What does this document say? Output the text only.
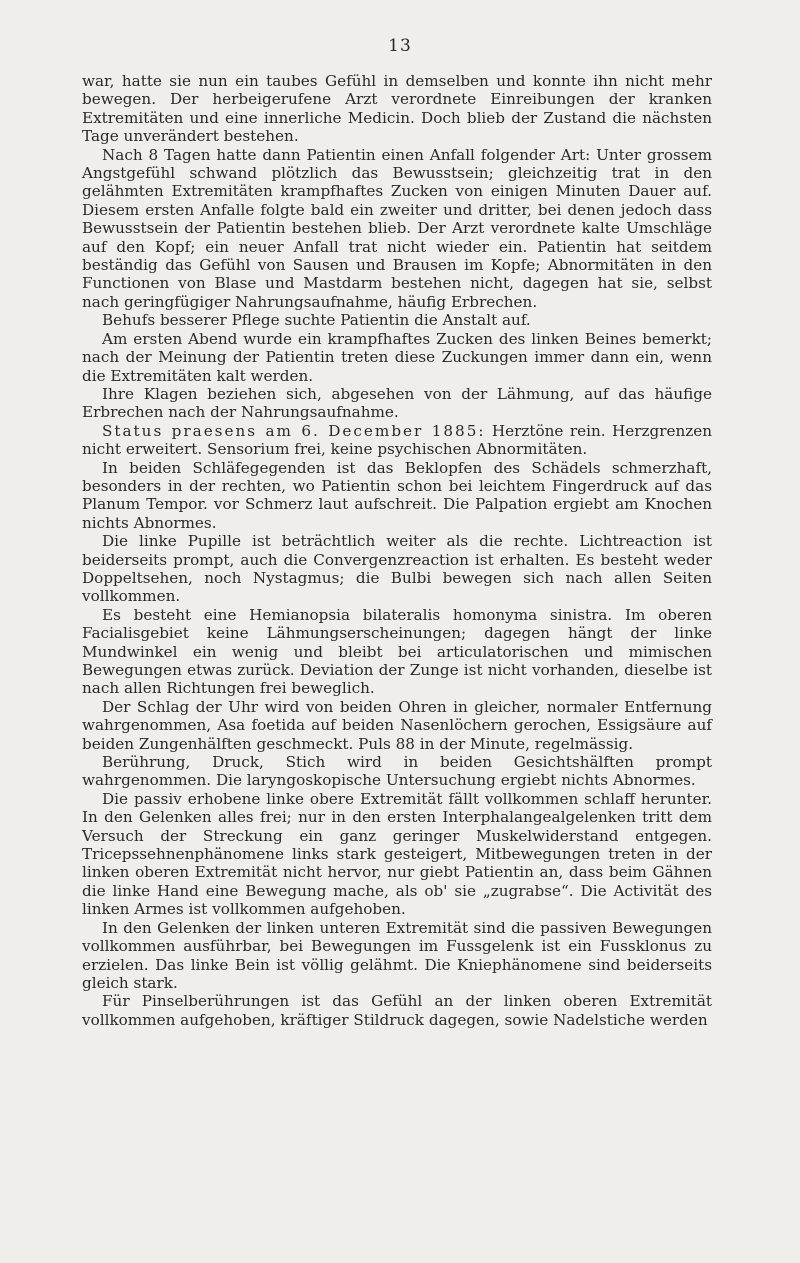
13

war, hatte sie nun ein taubes Gefühl in demselben und konnte ihn nicht mehr bewegen. Der herbeigerufene Arzt verordnete Einreibungen der kranken Extremitäten und eine innerliche Medicin. Doch blieb der Zustand die nächsten Tage unverändert bestehen.

Nach 8 Tagen hatte dann Patientin einen Anfall folgender Art: Unter grossem Angstgefühl schwand plötzlich das Bewusstsein; gleichzeitig trat in den gelähmten Extremitäten krampfhaftes Zucken von einigen Minuten Dauer auf. Diesem ersten Anfalle folgte bald ein zweiter und dritter, bei denen jedoch dass Bewusstsein der Patientin bestehen blieb. Der Arzt verordnete kalte Umschläge auf den Kopf; ein neuer Anfall trat nicht wieder ein. Patientin hat seitdem beständig das Gefühl von Sausen und Brausen im Kopfe; Abnormitäten in den Functionen von Blase und Mastdarm bestehen nicht, dagegen hat sie, selbst nach geringfügiger Nahrungsaufnahme, häufig Erbrechen.

Behufs besserer Pflege suchte Patientin die Anstalt auf.

Am ersten Abend wurde ein krampfhaftes Zucken des linken Beines bemerkt; nach der Meinung der Patientin treten diese Zuckungen immer dann ein, wenn die Extremitäten kalt werden.

Ihre Klagen beziehen sich, abgesehen von der Lähmung, auf das häufige Erbrechen nach der Nahrungsaufnahme.

Status praesens am 6. December 1885: Herztöne rein. Herzgrenzen nicht erweitert. Sensorium frei, keine psychischen Abnormitäten.

In beiden Schläfegegenden ist das Beklopfen des Schädels schmerzhaft, besonders in der rechten, wo Patientin schon bei leichtem Fingerdruck auf das Planum Tempor. vor Schmerz laut aufschreit. Die Palpation ergiebt am Knochen nichts Abnormes.

Die linke Pupille ist beträchtlich weiter als die rechte. Lichtreaction ist beiderseits prompt, auch die Convergenzreaction ist erhalten. Es besteht weder Doppeltsehen, noch Nystagmus; die Bulbi bewegen sich nach allen Seiten vollkommen.

Es besteht eine Hemianopsia bilateralis homonyma sinistra. Im oberen Facialisgebiet keine Lähmungserscheinungen; dagegen hängt der linke Mundwinkel ein wenig und bleibt bei articulatorischen und mimischen Bewegungen etwas zurück. Deviation der Zunge ist nicht vorhanden, dieselbe ist nach allen Richtungen frei beweglich.

Der Schlag der Uhr wird von beiden Ohren in gleicher, normaler Entfernung wahrgenommen, Asa foetida auf beiden Nasenlöchern gerochen, Essigsäure auf beiden Zungenhälften geschmeckt. Puls 88 in der Minute, regelmässig.

Berührung, Druck, Stich wird in beiden Gesichtshälften prompt wahrgenommen. Die laryngoskopische Untersuchung ergiebt nichts Abnormes.

Die passiv erhobene linke obere Extremität fällt vollkommen schlaff herunter. In den Gelenken alles frei; nur in den ersten Interphalangealgelenken tritt dem Versuch der Streckung ein ganz geringer Muskelwiderstand entgegen. Tricepssehnenphänomene links stark gesteigert, Mitbewegungen treten in der linken oberen Extremität nicht hervor, nur giebt Patientin an, dass beim Gähnen die linke Hand eine Bewegung mache, als ob' sie „zugrabse“. Die Activität des linken Armes ist vollkommen aufgehoben.

In den Gelenken der linken unteren Extremität sind die passiven Bewegungen vollkommen ausführbar, bei Bewegungen im Fussgelenk ist ein Fussklonus zu erzielen. Das linke Bein ist völlig gelähmt. Die Kniephänomene sind beiderseits gleich stark.

Für Pinselberührungen ist das Gefühl an der linken oberen Extremität vollkommen aufgehoben, kräftiger Stildruck dagegen, sowie Nadelstiche werden
